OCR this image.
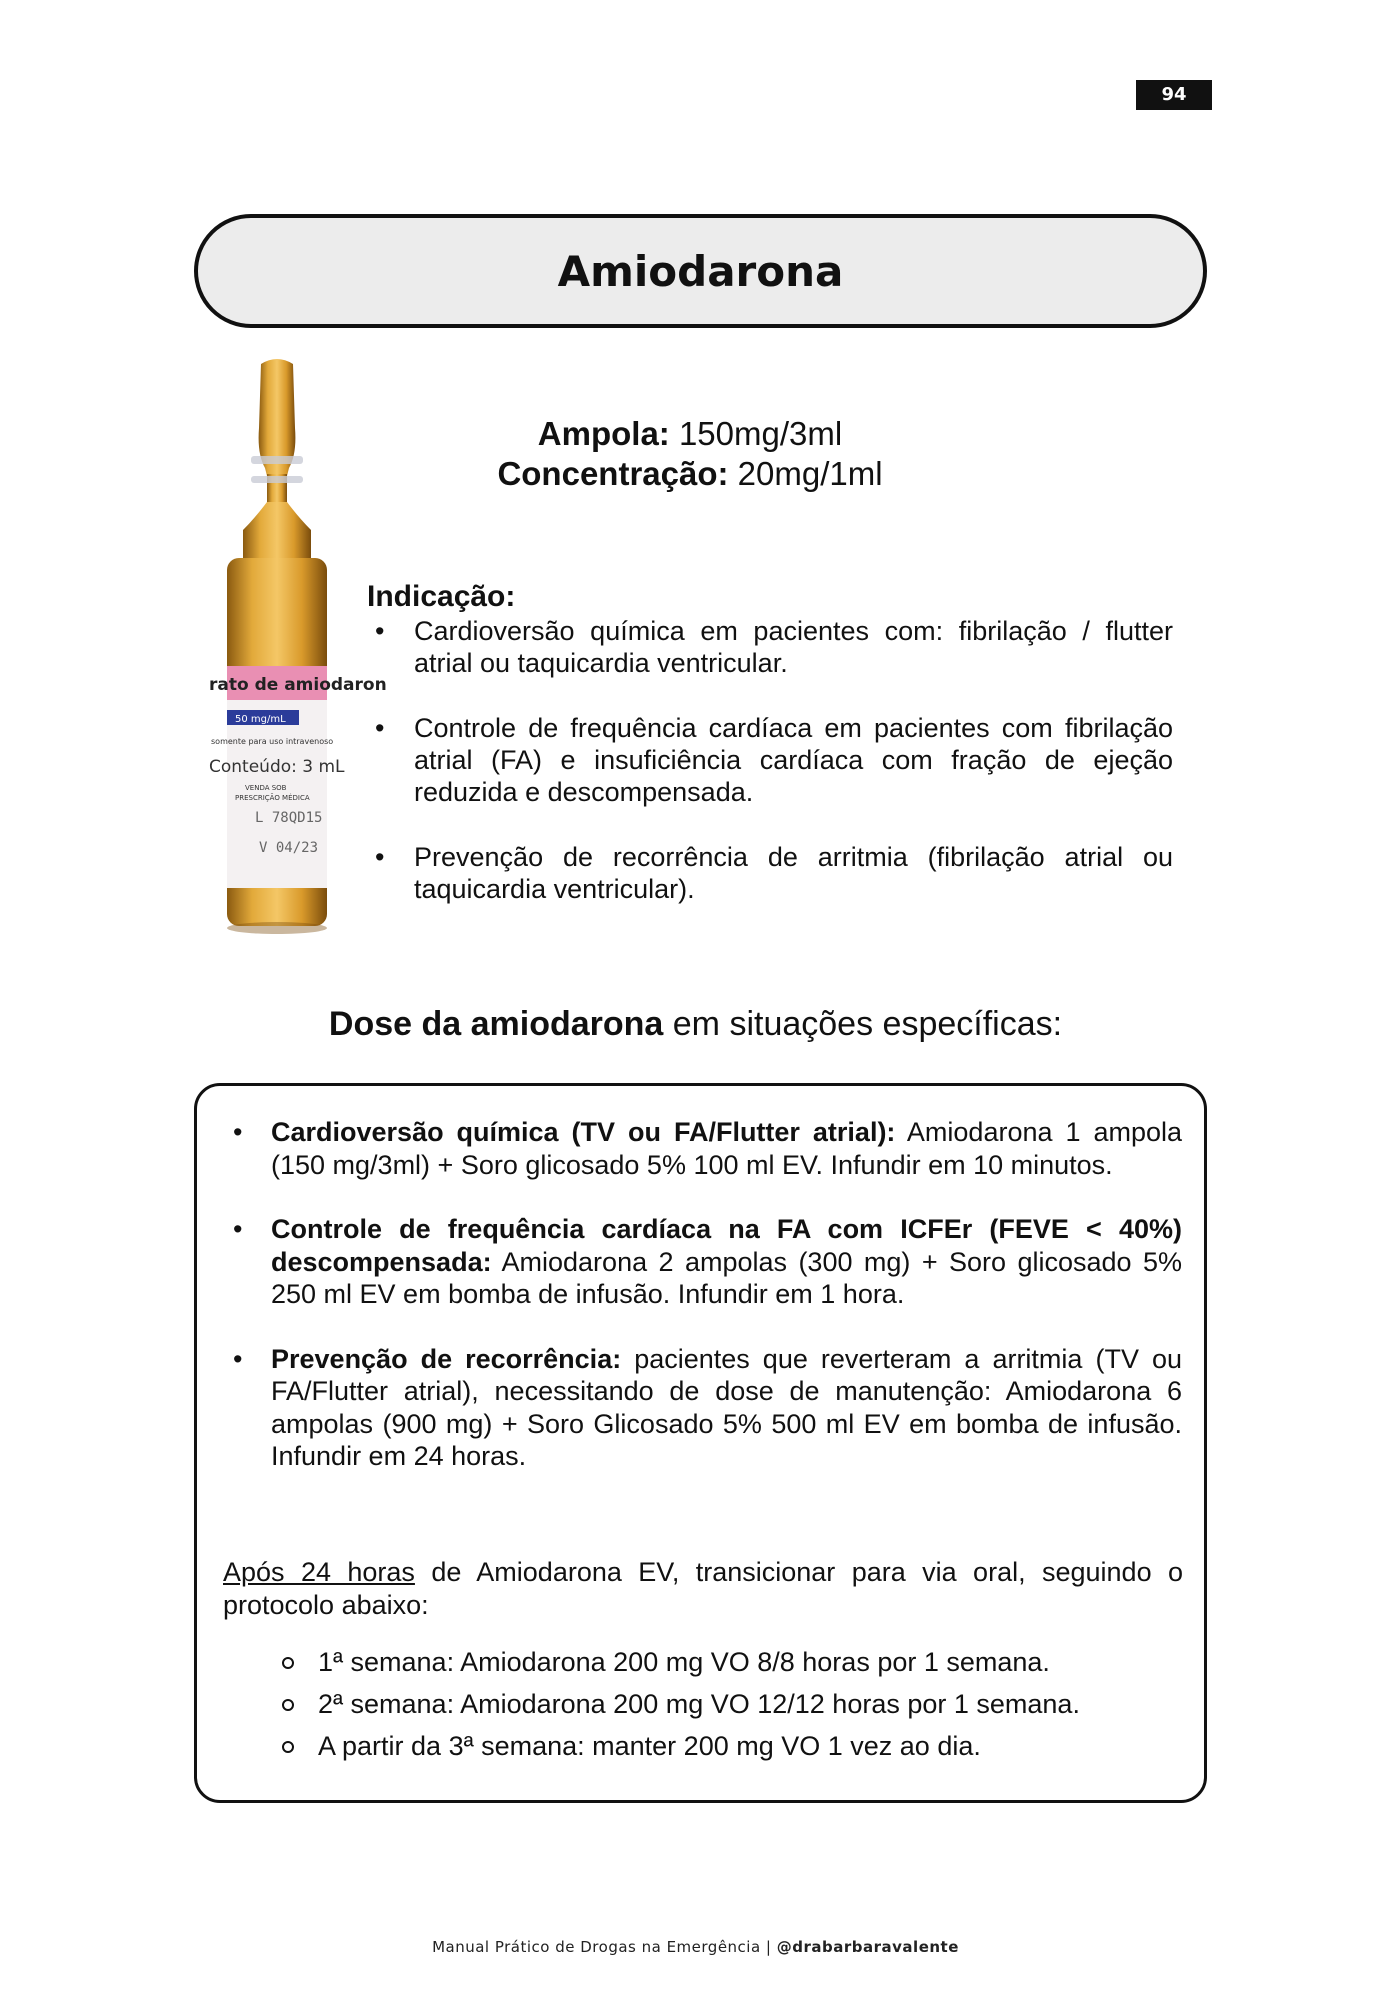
94
Amiodarona
rato de amiodaron
50 mg/mL
somente para uso intravenoso
Conteúdo: 3 mL
VENDA SOB
PRESCRIÇÃO MÉDICA
L 78QD15
V 04/23
Ampola: 150mg/3ml
Concentração: 20mg/1ml
Indicação:
• Cardioversão química em pacientes com: fibrilação / flutter atrial ou taquicardia ventricular.
• Controle de frequência cardíaca em pacientes com fibrilação atrial (FA) e insuficiência cardíaca com fração de ejeção reduzida e descompensada.
• Prevenção de recorrência de arritmia (fibrilação atrial ou taquicardia ventricular).
Dose da amiodarona em situações específicas:
• Cardioversão química (TV ou FA/Flutter atrial): Amiodarona 1 ampola (150 mg/3ml) + Soro glicosado 5% 100 ml EV. Infundir em 10 minutos.
• Controle de frequência cardíaca na FA com ICFEr (FEVE < 40%) descompensada: Amiodarona 2 ampolas (300 mg) + Soro glicosado 5% 250 ml EV em bomba de infusão. Infundir em 1 hora.
• Prevenção de recorrência: pacientes que reverteram a arritmia (TV ou FA/Flutter atrial), necessitando de dose de manutenção: Amiodarona 6 ampolas (900 mg) + Soro Glicosado 5% 500 ml EV em bomba de infusão. Infundir em 24 horas.
Após 24 horas de Amiodarona EV, transicionar para via oral, seguindo o protocolo abaixo:
1ª semana: Amiodarona 200 mg VO 8/8 horas por 1 semana.
2ª semana: Amiodarona 200 mg VO 12/12 horas por 1 semana.
A partir da 3ª semana: manter 200 mg VO 1 vez ao dia.
Manual Prático de Drogas na Emergência | @drabarbaravalente
